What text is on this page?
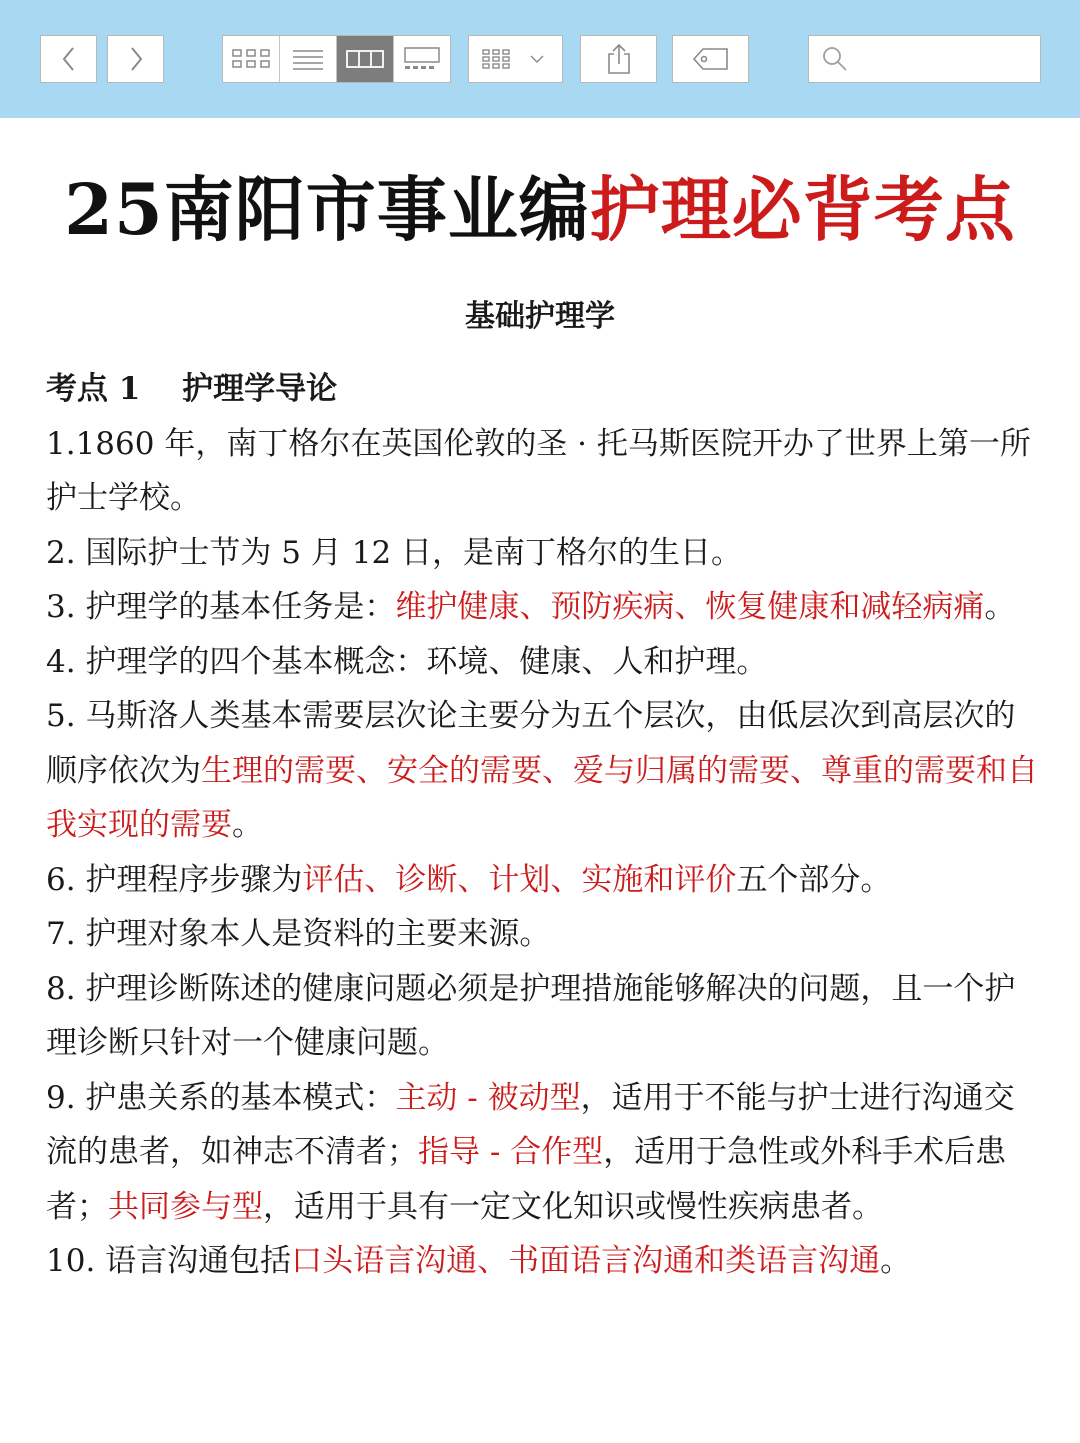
25南阳市事业编护理必背考点
基础护理学

考点 1　 护理学导论

1.1860 年，南丁格尔在英国伦敦的圣 · 托马斯医院开办了世界上第一所护士学校。

2. 国际护士节为 5 月 12 日，是南丁格尔的生日。

3. 护理学的基本任务是：维护健康、预防疾病、恢复健康和减轻病痛。

4. 护理学的四个基本概念：环境、健康、人和护理。

5. 马斯洛人类基本需要层次论主要分为五个层次，由低层次到高层次的顺序依次为生理的需要、安全的需要、爱与归属的需要、尊重的需要和自我实现的需要。

6. 护理程序步骤为评估、诊断、计划、实施和评价五个部分。

7. 护理对象本人是资料的主要来源。

8. 护理诊断陈述的健康问题必须是护理措施能够解决的问题，且一个护理诊断只针对一个健康问题。

9. 护患关系的基本模式：主动 - 被动型，适用于不能与护士进行沟通交流的患者，如神志不清者；指导 - 合作型，适用于急性或外科手术后患者；共同参与型，适用于具有一定文化知识或慢性疾病患者。

10. 语言沟通包括口头语言沟通、书面语言沟通和类语言沟通。
